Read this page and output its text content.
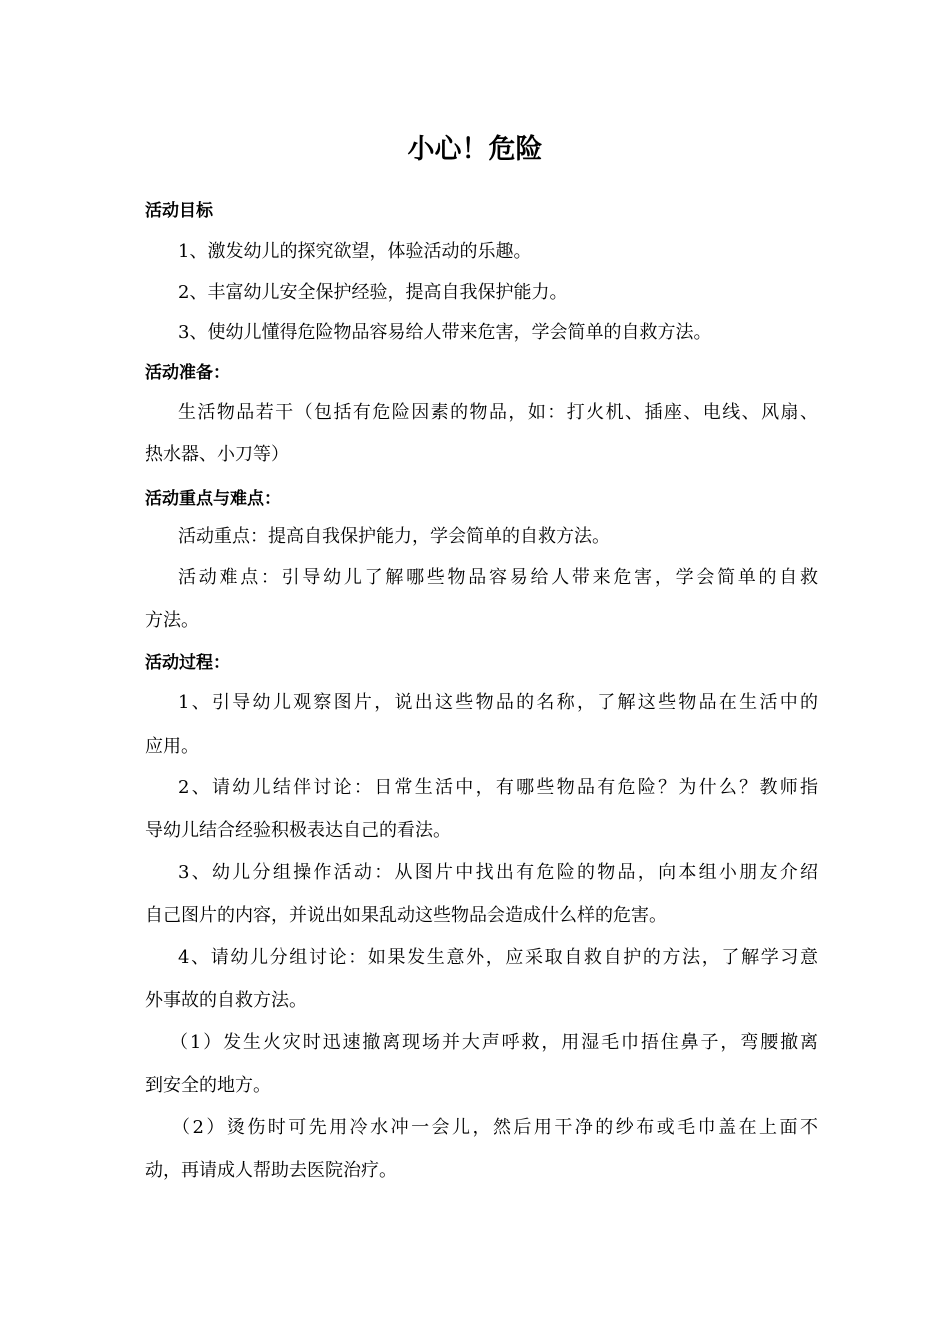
小心！危险
活动目标
1、激发幼儿的探究欲望，体验活动的乐趣。
2、丰富幼儿安全保护经验，提高自我保护能力。
3、使幼儿懂得危险物品容易给人带来危害，学会简单的自救方法。
活动准备：
生活物品若干（包括有危险因素的物品，如：打火机、插座、电线、风扇、
热水器、小刀等）
活动重点与难点：
活动重点：提高自我保护能力，学会简单的自救方法。
活动难点：引导幼儿了解哪些物品容易给人带来危害，学会简单的自救
方法。
活动过程：
1、引导幼儿观察图片，说出这些物品的名称，了解这些物品在生活中的
应用。
2、请幼儿结伴讨论：日常生活中，有哪些物品有危险？为什么？教师指
导幼儿结合经验积极表达自己的看法。
3、幼儿分组操作活动：从图片中找出有危险的物品，向本组小朋友介绍
自己图片的内容，并说出如果乱动这些物品会造成什么样的危害。
4、请幼儿分组讨论：如果发生意外，应采取自救自护的方法，了解学习意
外事故的自救方法。
（1）发生火灾时迅速撤离现场并大声呼救，用湿毛巾捂住鼻子，弯腰撤离
到安全的地方。
（2）烫伤时可先用冷水冲一会儿，然后用干净的纱布或毛巾盖在上面不
动，再请成人帮助去医院治疗。
